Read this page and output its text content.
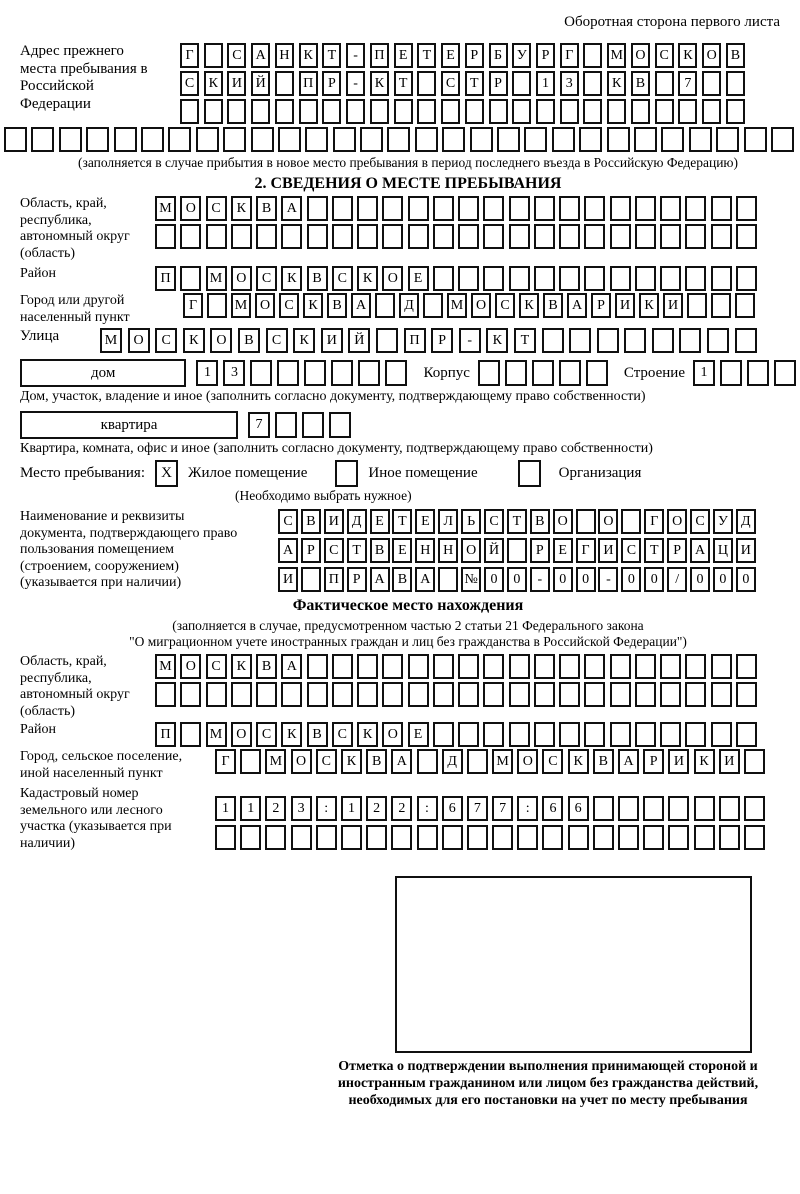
Оборотная сторона первого листа
Адрес прежнего места пребывания в Российской Федерации
Г	С	А Н	К	Т	-	П	Е	Т	Е	Р	Б	У	Р	Г	М О	С	К	О	В
С	К	И Й	П	Р	-	К	Т	С	Т	Р	1	3	К	В	7
(заполняется в случае прибытия в новое место пребывания в период последнего въезда в Российскую Федерацию)
2. СВЕДЕНИЯ О МЕСТЕ ПРЕБЫВАНИЯ
Область, край, республика, автономный округ (область)
М О	С	К	В	А
Район	П	М О	С	К	В	С	К	О	Е
Город или другой населенный пункт
Г	М О	С	К	В	А	Д	М О	С	К	В	А	Р	И	К	И
Улица	М	О	С	К	О	В	С	К	И	Й	П	Р	-	К	Т
дом	1	3	Корпус	Строение	1
Дом, участок, владение и иное (заполнить согласно документу, подтверждающему право собственности)
квартира	7
Квартира, комната, офис и иное (заполнить согласно документу, подтверждающему право собственности)
Место пребывания:	X	Жилое помещение	Иное помещение	Организация
(Необходимо выбрать нужное)
Наименование и реквизиты документа, подтверждающего право пользования помещением (строением, сооружением) (указывается при наличии)
С В И Д Е	Т	Е Л	Ь	С Т В О	О	Г О С У Д
А Р	С Т В Е Н Н О Й	Р	Е	Г И С Т	Р А Ц И
И	П Р А В А	№ 0	0	-	0	0	-	0	0	/	0	0	0
Фактическое место нахождения
(заполняется в случае, предусмотренном частью 2 статьи 21 Федерального закона
"О миграционном учете иностранных граждан и лиц без гражданства в Российской Федерации")
Область, край, республика, автономный округ (область)
М О	С	К	В	А
Район	П	М О	С	К	В	С	К	О	Е
Город, сельское поселение, иной населенный пункт
Г	М О	С	К	В	А	Д	М О	С	К	В	А	Р	И	К	И
Кадастровый номер земельного или лесного участка (указывается при наличии)
1	1	2	3	:	1	2	2	:	6	7	7	:	6	6
Отметка о подтверждении выполнения принимающей стороной и иностранным гражданином или лицом без гражданства действий, необходимых для его постановки на учет по месту пребывания
